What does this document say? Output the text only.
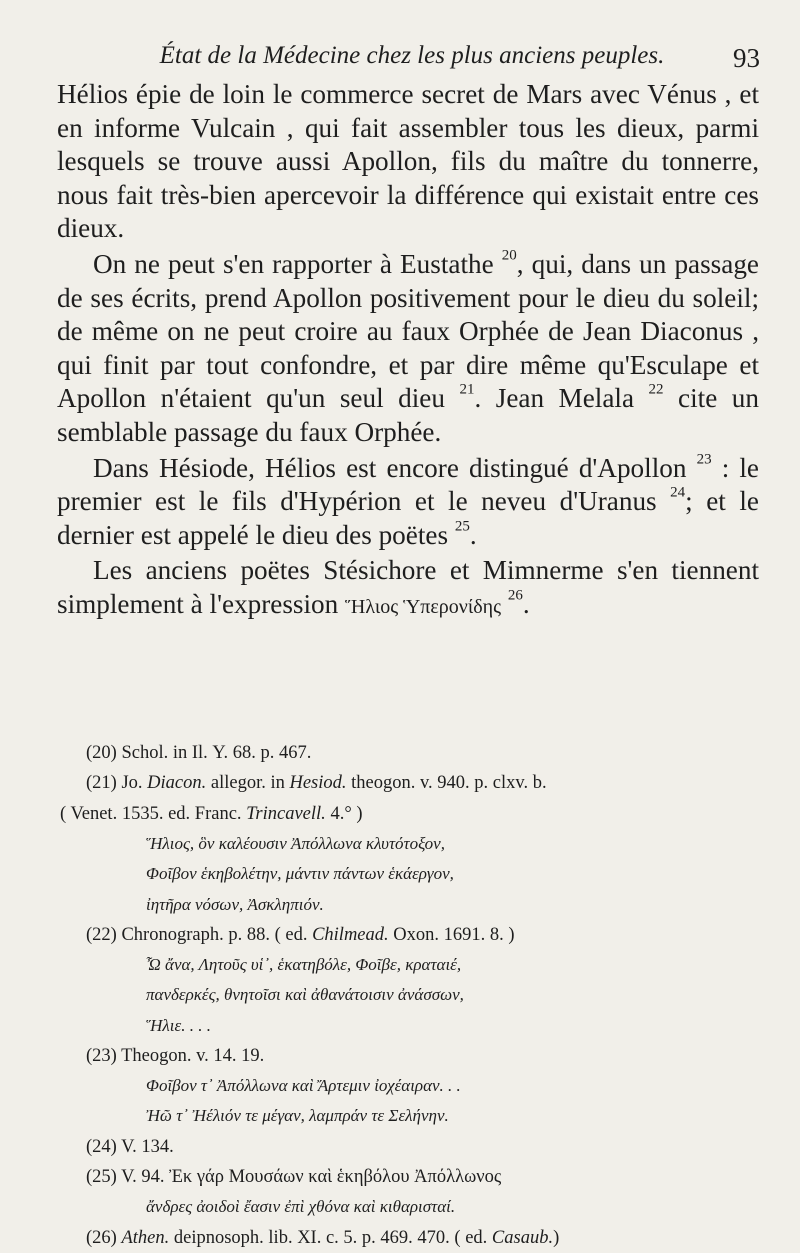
État de la Médecine chez les plus anciens peuples.	93

Hélios épie de loin le commerce secret de Mars avec Vénus , et en informe Vulcain , qui fait assembler tous les dieux, parmi lesquels se trouve aussi Apollon, fils du maître du tonnerre, nous fait très-bien apercevoir la différence qui existait entre ces dieux.

On ne peut s'en rapporter à Eustathe $^{20}$, qui, dans un passage de ses écrits, prend Apollon positivement pour le dieu du soleil; de même on ne peut croire au faux Orphée de Jean Diaconus , qui finit par tout confondre, et par dire même qu'Esculape et Apollon n'étaient qu'un seul dieu $^{21}$. Jean Melala $^{22}$ cite un semblable passage du faux Orphée.

Dans Hésiode, Hélios est encore distingué d'Apollon $^{23}$ : le premier est le fils d'Hypérion et le neveu d'Uranus $^{24}$; et le dernier est appelé le dieu des poëtes $^{25}$.

Les anciens poëtes Stésichore et Mimnerme s'en tiennent simplement à l'expression Ἥλιος Ὑπερονίδης $^{26}$.

(20) Schol. in Il. Υ. 68. p. 467.

(21) Jo. Diacon. allegor. in Hesiod. theogon. v. 940. p. clxv. b.

( Venet. 1535. ed. Franc. Trincavell. 4.° )

Ἥλιος, ὃν καλέουσιν Ἀπόλλωνα κλυτότοξον,

Φοῖβον ἑκηβολέτην, μάντιν πάντων ἑκάεργον,

ἰητῆρα νόσων, Ἀσκληπιόν.

(22) Chronograph. p. 88. ( ed. Chilmead. Oxon. 1691. 8. )

Ὦ ἄνα, Λητοῦς υἱ᾽, ἑκατηβόλε, Φοῖβε, κραταιέ,

πανδερκές, θνητοῖσι καὶ ἀθανάτοισιν ἀνάσσων,

Ἥλιε. . . .

(23) Theogon. v. 14. 19.

Φοῖβον τ᾽ Ἀπόλλωνα καὶ Ἄρτεμιν ἰοχέαιραν. . .

Ἠῶ τ᾽ Ἠέλιόν τε μέγαν, λαμπράν τε Σελήνην.

(24) V. 134.

(25) V. 94. Ἐκ γάρ Μουσάων καὶ ἑκηβόλου Ἀπόλλωνος

ἄνδρες ἀοιδοὶ ἔασιν ἐπὶ χθόνα καὶ κιθαρισταί.

(26) Athen. deipnosoph. lib. XI. c. 5. p. 469. 470. ( ed. Casaub.)
